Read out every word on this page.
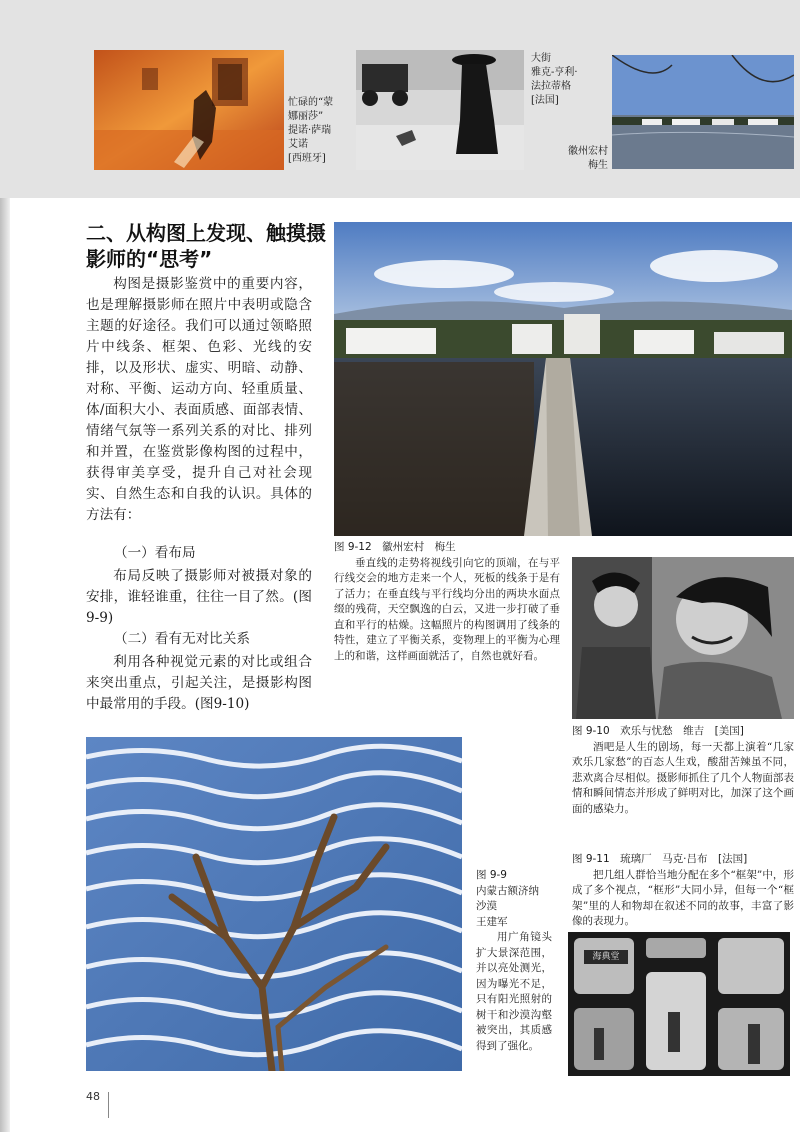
忙碌的“蒙
娜丽莎”
提诺·萨瑞
艾诺
[西班牙]
大街
雅克-亨利·
法拉蒂格
[法国]
徽州宏村
梅生
二、从构图上发现、触摸摄
影师的“思考”

构图是摄影鉴赏中的重要内容，也是理解摄影师在照片中表明或隐含主题的好途径。我们可以通过领略照片中线条、框架、色彩、光线的安排，以及形状、虚实、明暗、动静、对称、平衡、运动方向、轻重质量、体/面积大小、表面质感、面部表情、情绪气氛等一系列关系的对比、排列和并置，在鉴赏影像构图的过程中，获得审美享受，提升自己对社会现实、自然生态和自我的认识。具体的方法有：

（一）看布局

布局反映了摄影师对被摄对象的安排，谁轻谁重，往往一目了然。(图9-9)

（二）看有无对比关系

利用各种视觉元素的对比或组合来突出重点，引起关注，是摄影构图中最常用的手段。(图9-10)

图 9-12　徽州宏村　梅生
垂直线的走势将视线引向它的顶端，在与平行线交会的地方走来一个人，死板的线条于是有了活力；在垂直线与平行线均分出的两块水面点缀的残荷，天空飘逸的白云，又进一步打破了垂直和平行的枯燥。这幅照片的构图调用了线条的特性，建立了平衡关系，变物理上的平衡为心理上的和谐，这样画面就活了，自然也就好看。
图 9-10　欢乐与忧愁　维吉　[美国]
酒吧是人生的剧场，每一天都上演着“几家欢乐几家愁”的百态人生戏，酸甜苦辣虽不同，悲欢离合尽相似。摄影师抓住了几个人物面部表情和瞬间情态并形成了鲜明对比，加深了这个画面的感染力。
图 9-9
内蒙古额济纳
沙漠
王建军
用广角镜头扩大景深范围，并以亮处测光，因为曝光不足，只有阳光照射的树干和沙漠沟壑被突出，其质感得到了强化。
图 9-11　琉璃厂　马克·吕布　[法国]
把几组人群恰当地分配在多个“框架”中，形成了多个视点，“框形”大同小异，但每一个“框架”里的人和物却在叙述不同的故事，丰富了影像的表现力。
海典堂
48
